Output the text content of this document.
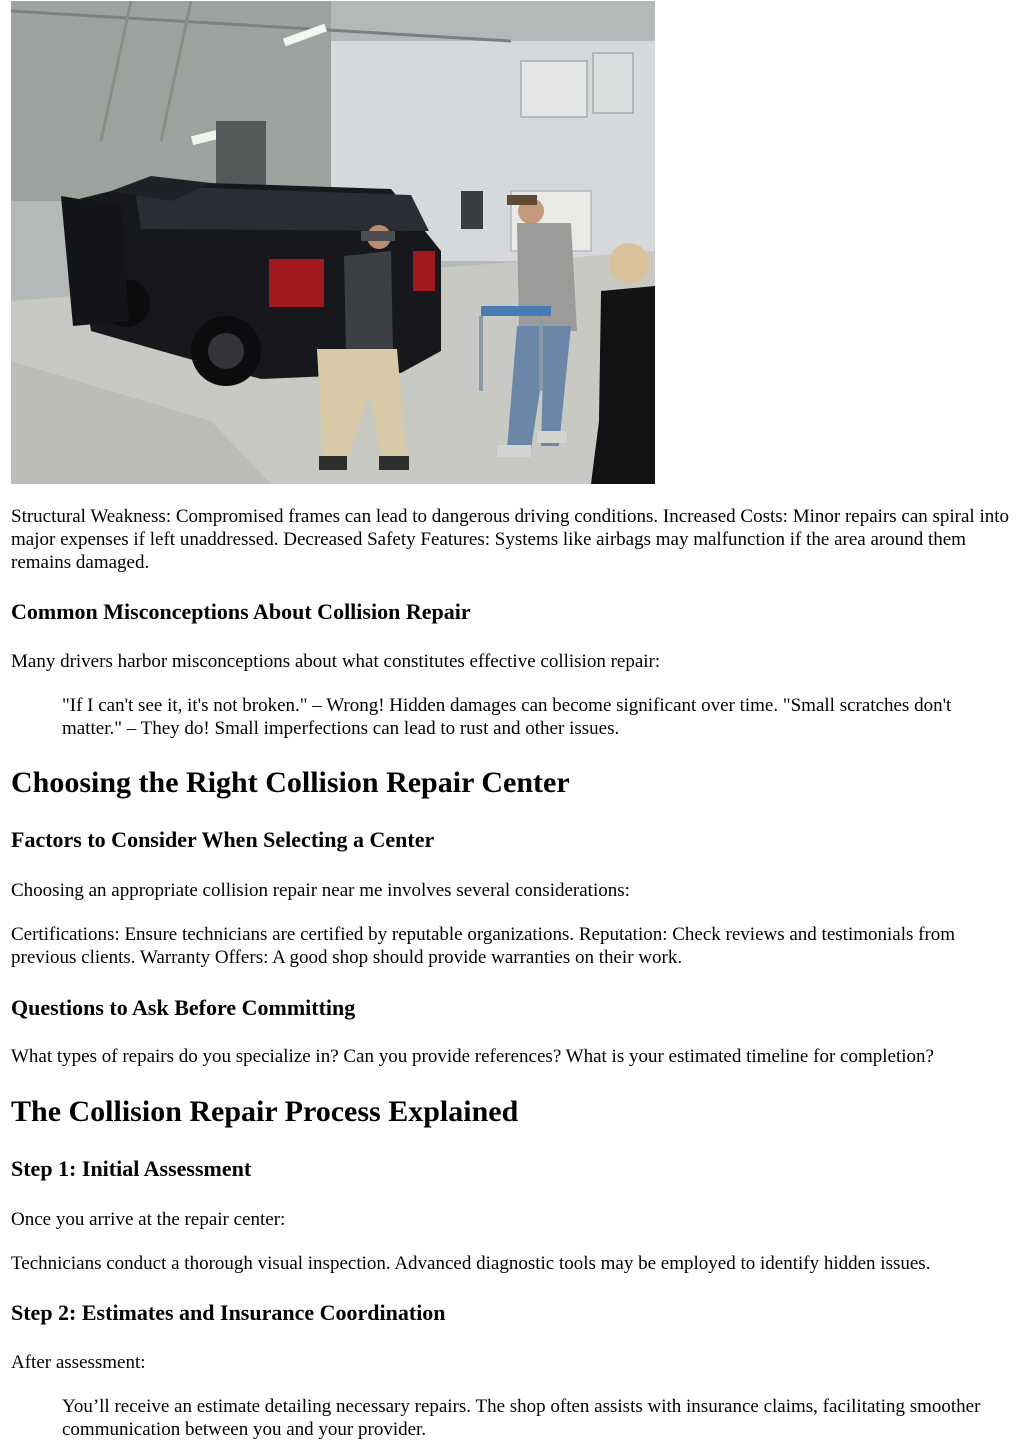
Structural Weakness: Compromised frames can lead to dangerous driving conditions. Increased Costs: Minor repairs can spiral into major expenses if left unaddressed. Decreased Safety Features: Systems like airbags may malfunction if the area around them remains damaged.

Common Misconceptions About Collision Repair

Many drivers harbor misconceptions about what constitutes effective collision repair:

"If I can't see it, it's not broken." – Wrong! Hidden damages can become significant over time. "Small scratches don't matter." – They do! Small imperfections can lead to rust and other issues.
Choosing the Right Collision Repair Center
Factors to Consider When Selecting a Center

Choosing an appropriate collision repair near me involves several considerations:

Certifications: Ensure technicians are certified by reputable organizations. Reputation: Check reviews and testimonials from previous clients. Warranty Offers: A good shop should provide warranties on their work.

Questions to Ask Before Committing

What types of repairs do you specialize in? Can you provide references? What is your estimated timeline for completion?

The Collision Repair Process Explained
Step 1: Initial Assessment

Once you arrive at the repair center:

Technicians conduct a thorough visual inspection. Advanced diagnostic tools may be employed to identify hidden issues.

Step 2: Estimates and Insurance Coordination

After assessment:

You’ll receive an estimate detailing necessary repairs. The shop often assists with insurance claims, facilitating smoother communication between you and your provider.
